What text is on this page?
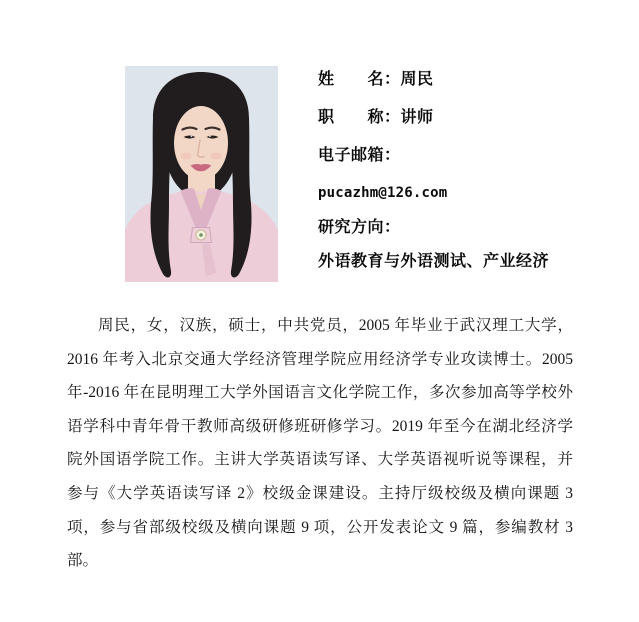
姓　　名：周民
职　　称：讲师
电子邮箱：
pucazhm@126.com
研究方向：
外语教育与外语测试、产业经济
周民，女，汉族，硕士，中共党员，2005 年毕业于武汉理工大学，
2016 年考入北京交通大学经济管理学院应用经济学专业攻读博士。2005
年-2016 年在昆明理工大学外国语言文化学院工作，多次参加高等学校外
语学科中青年骨干教师高级研修班研修学习。2019 年至今在湖北经济学
院外国语学院工作。主讲大学英语读写译、大学英语视听说等课程，并
参与《大学英语读写译 2》校级金课建设。主持厅级校级及横向课题 3
项，参与省部级校级及横向课题 9 项，公开发表论文 9 篇，参编教材 3
部。
